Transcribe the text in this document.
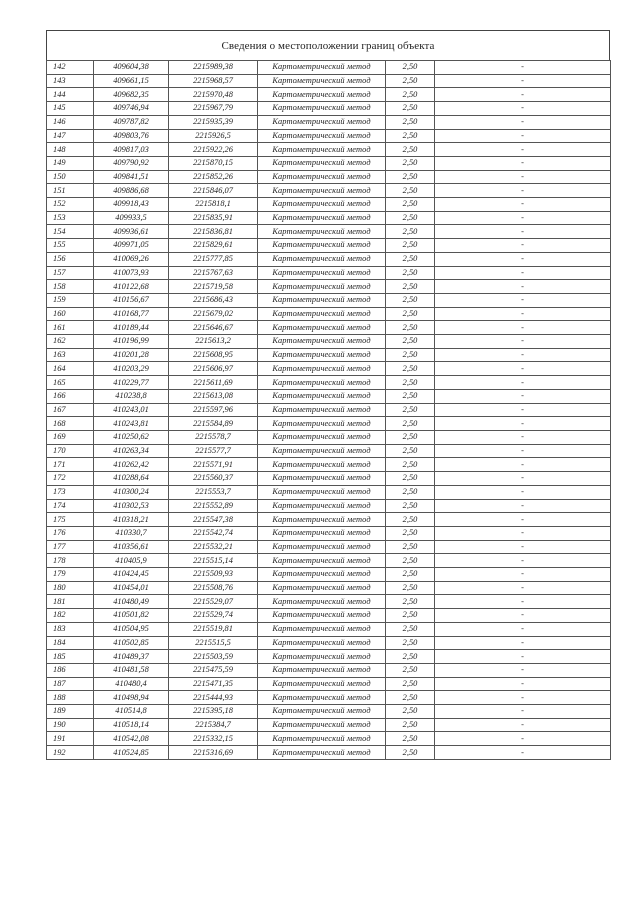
Сведения о местоположении границ объекта
142	409604,38	2215989,38	Картометрический метод	2,50	-
143	409661,15	2215968,57	Картометрический метод	2,50	-
144	409682,35	2215970,48	Картометрический метод	2,50	-
145	409746,94	2215967,79	Картометрический метод	2,50	-
146	409787,82	2215935,39	Картометрический метод	2,50	-
147	409803,76	2215926,5	Картометрический метод	2,50	-
148	409817,03	2215922,26	Картометрический метод	2,50	-
149	409790,92	2215870,15	Картометрический метод	2,50	-
150	409841,51	2215852,26	Картометрический метод	2,50	-
151	409886,68	2215846,07	Картометрический метод	2,50	-
152	409918,43	2215818,1	Картометрический метод	2,50	-
153	409933,5	2215835,91	Картометрический метод	2,50	-
154	409936,61	2215836,81	Картометрический метод	2,50	-
155	409971,05	2215829,61	Картометрический метод	2,50	-
156	410069,26	2215777,85	Картометрический метод	2,50	-
157	410073,93	2215767,63	Картометрический метод	2,50	-
158	410122,68	2215719,58	Картометрический метод	2,50	-
159	410156,67	2215686,43	Картометрический метод	2,50	-
160	410168,77	2215679,02	Картометрический метод	2,50	-
161	410189,44	2215646,67	Картометрический метод	2,50	-
162	410196,99	2215613,2	Картометрический метод	2,50	-
163	410201,28	2215608,95	Картометрический метод	2,50	-
164	410203,29	2215606,97	Картометрический метод	2,50	-
165	410229,77	2215611,69	Картометрический метод	2,50	-
166	410238,8	2215613,08	Картометрический метод	2,50	-
167	410243,01	2215597,96	Картометрический метод	2,50	-
168	410243,81	2215584,89	Картометрический метод	2,50	-
169	410250,62	2215578,7	Картометрический метод	2,50	-
170	410263,34	2215577,7	Картометрический метод	2,50	-
171	410262,42	2215571,91	Картометрический метод	2,50	-
172	410288,64	2215560,37	Картометрический метод	2,50	-
173	410300,24	2215553,7	Картометрический метод	2,50	-
174	410302,53	2215552,89	Картометрический метод	2,50	-
175	410318,21	2215547,38	Картометрический метод	2,50	-
176	410330,7	2215542,74	Картометрический метод	2,50	-
177	410356,61	2215532,21	Картометрический метод	2,50	-
178	410405,9	2215515,14	Картометрический метод	2,50	-
179	410424,45	2215509,93	Картометрический метод	2,50	-
180	410454,01	2215508,76	Картометрический метод	2,50	-
181	410480,49	2215529,07	Картометрический метод	2,50	-
182	410501,82	2215529,74	Картометрический метод	2,50	-
183	410504,95	2215519,81	Картометрический метод	2,50	-
184	410502,85	2215515,5	Картометрический метод	2,50	-
185	410489,37	2215503,59	Картометрический метод	2,50	-
186	410481,58	2215475,59	Картометрический метод	2,50	-
187	410480,4	2215471,35	Картометрический метод	2,50	-
188	410498,94	2215444,93	Картометрический метод	2,50	-
189	410514,8	2215395,18	Картометрический метод	2,50	-
190	410518,14	2215384,7	Картометрический метод	2,50	-
191	410542,08	2215332,15	Картометрический метод	2,50	-
192	410524,85	2215316,69	Картометрический метод	2,50	-
